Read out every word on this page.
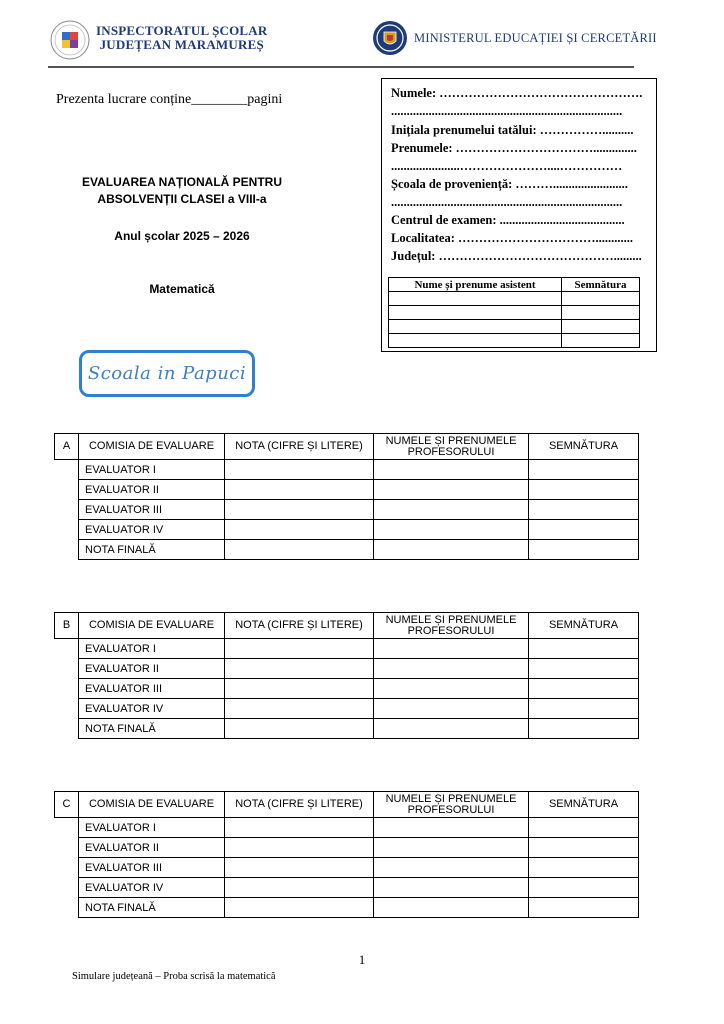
INSPECTORATUL ȘCOLAR
JUDEȚEAN MARAMUREȘ	MINISTERUL EDUCAȚIEI ȘI CERCETĂRII
Prezenta lucrare conține________pagini
EVALUAREA NAȚIONALĂ PENTRU
ABSOLVENȚII CLASEI a VIII-a
Anul școlar 2025 – 2026
Matematică
Numele: ………………………………………….
..........................................................................
Inițiala prenumelui tatălui: ……………..........
Prenumele: ……………………………..............
......................…………………....……………
Școala de proveniență: ………........................
..........................................................................
Centrul de examen: ........................................
Localitatea: ……………………………............
Județul: …………………………………….........
Nume și prenume asistent	Semnătura

Scoala in Papuci
A	COMISIA DE EVALUARE	NOTA (CIFRE ȘI LITERE)	NUMELE ȘI PRENUMELE PROFESORULUI	SEMNĂTURA
	EVALUATOR I			
	EVALUATOR II			
	EVALUATOR III			
	EVALUATOR IV			
	NOTA FINALĂ			
B	COMISIA DE EVALUARE	NOTA (CIFRE ȘI LITERE)	NUMELE ȘI PRENUMELE PROFESORULUI	SEMNĂTURA
	EVALUATOR I			
	EVALUATOR II			
	EVALUATOR III			
	EVALUATOR IV			
	NOTA FINALĂ			
C	COMISIA DE EVALUARE	NOTA (CIFRE ȘI LITERE)	NUMELE ȘI PRENUMELE PROFESORULUI	SEMNĂTURA
	EVALUATOR I			
	EVALUATOR II			
	EVALUATOR III			
	EVALUATOR IV			
	NOTA FINALĂ			
1
Simulare județeană – Proba scrisă la matematică
